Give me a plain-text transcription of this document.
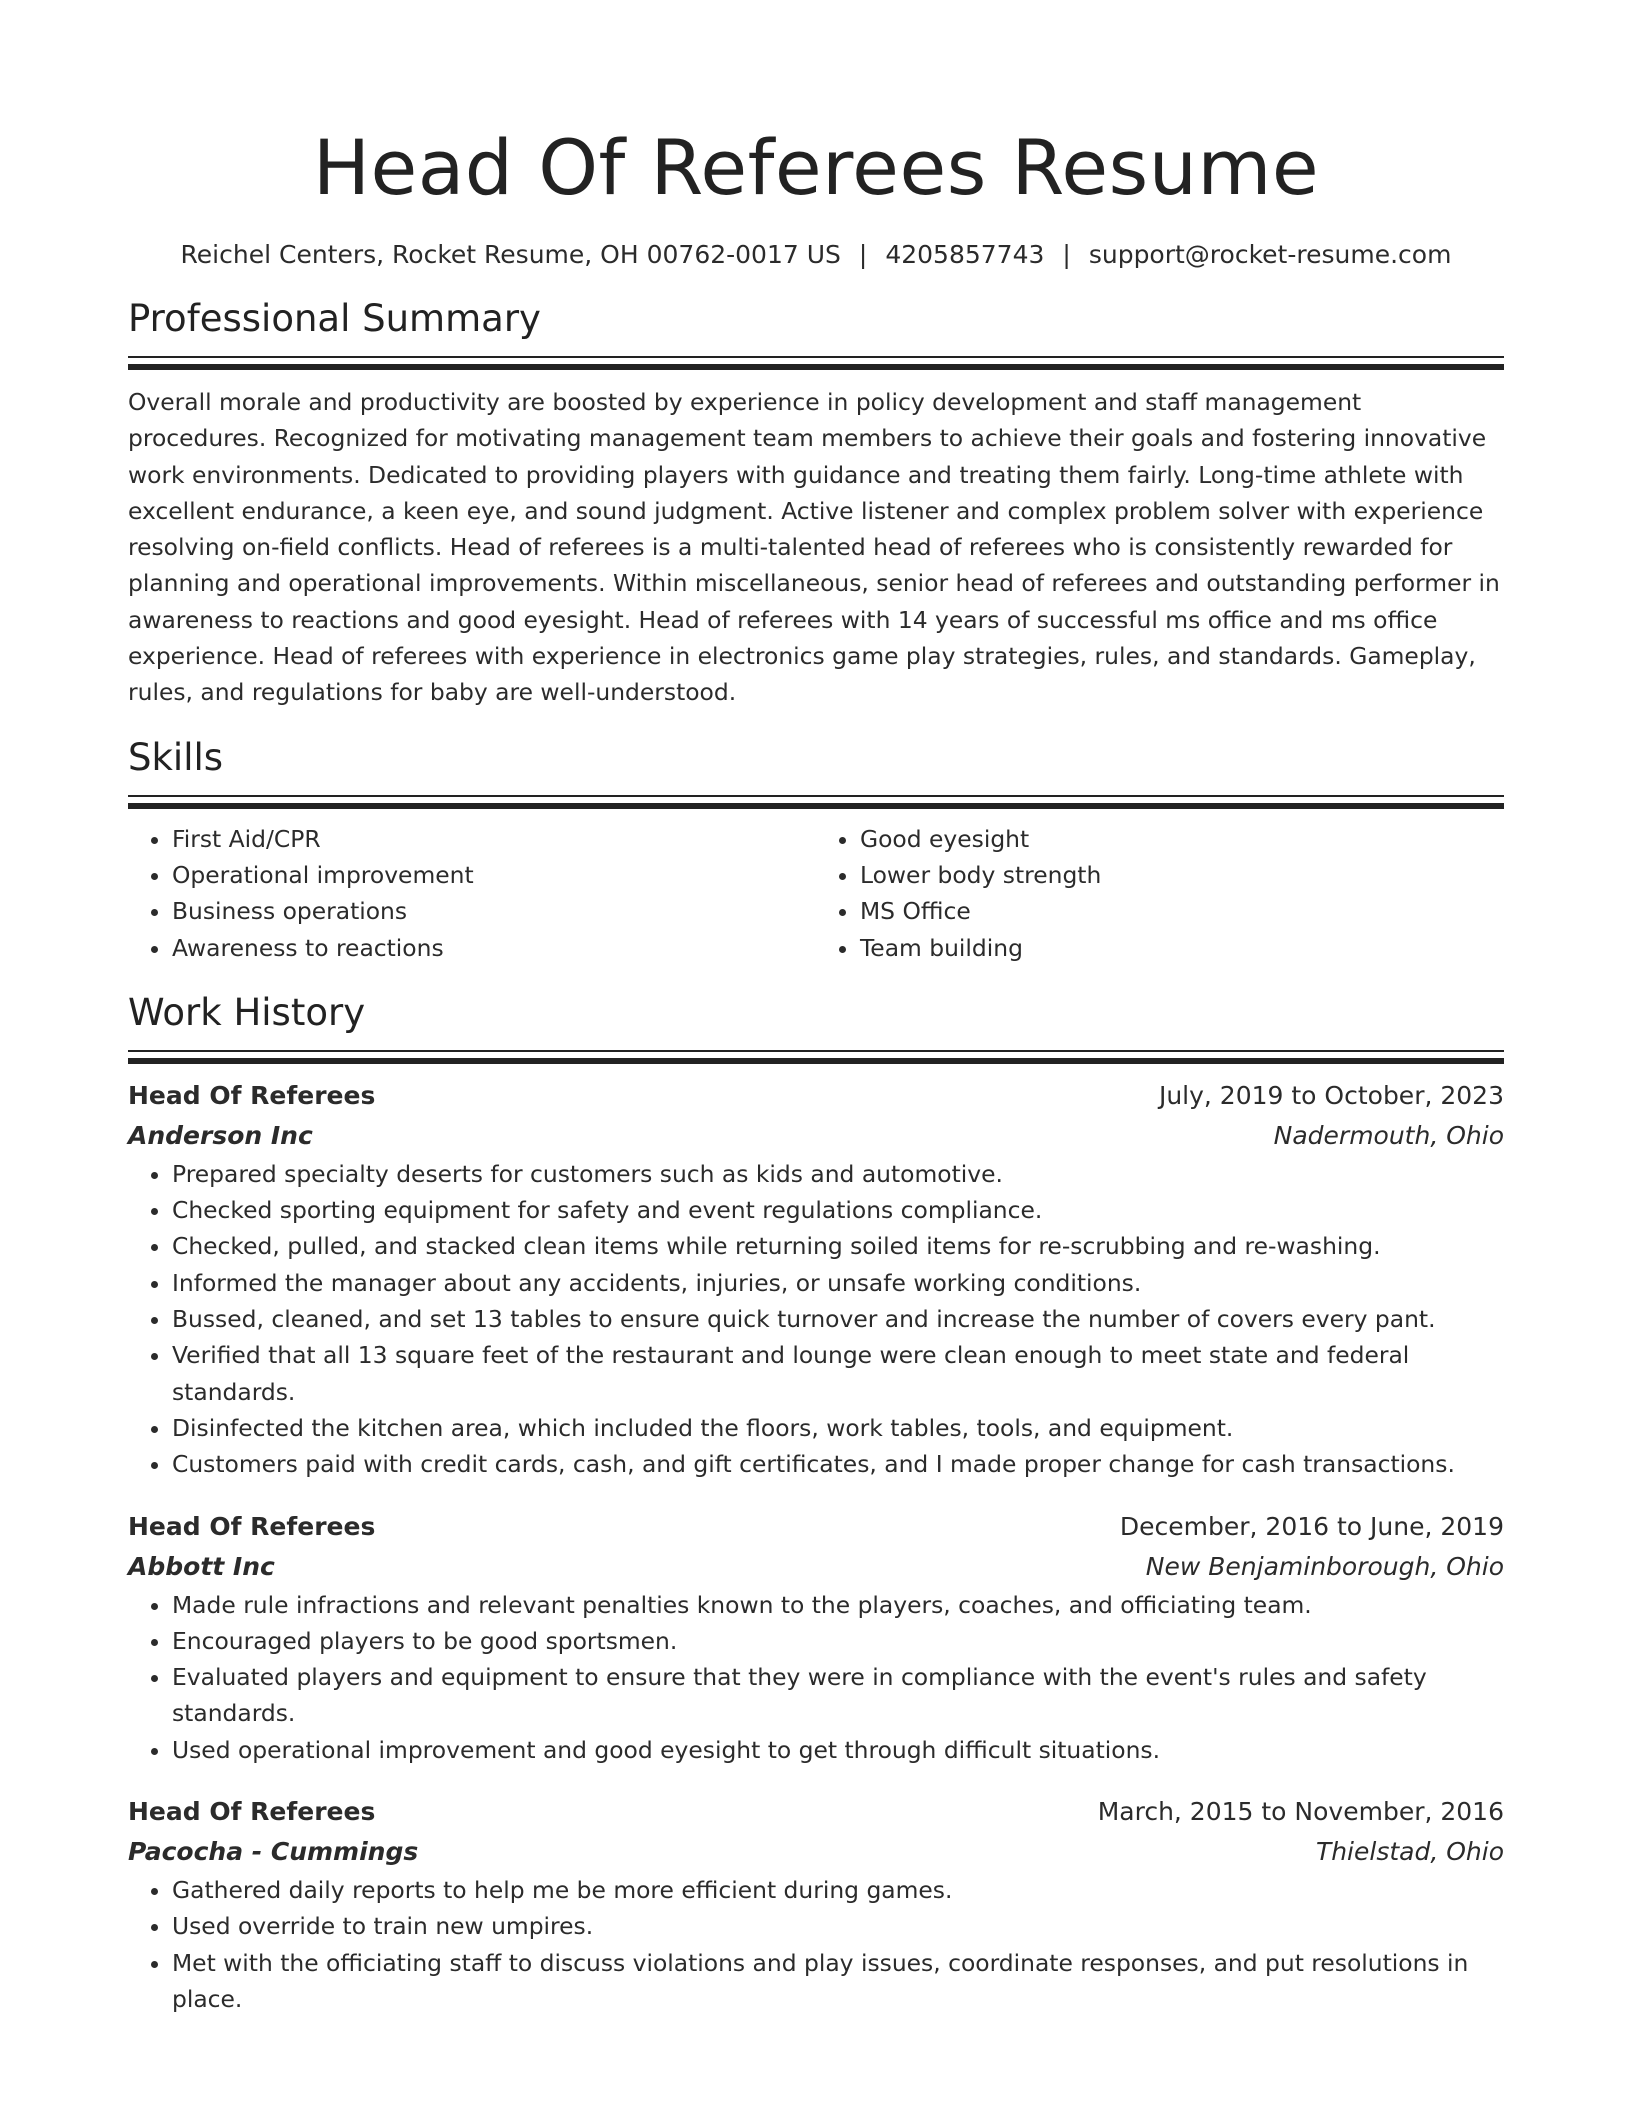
Head Of Referees Resume
Reichel Centers, Rocket Resume, OH 00762-0017 US | 4205857743 | support@rocket-resume.com
Professional Summary
Overall morale and productivity are boosted by experience in policy development and staff management procedures. Recognized for motivating management team members to achieve their goals and fostering innovative work environments. Dedicated to providing players with guidance and treating them fairly. Long-time athlete with excellent endurance, a keen eye, and sound judgment. Active listener and complex problem solver with experience resolving on-field conflicts. Head of referees is a multi-talented head of referees who is consistently rewarded for planning and operational improvements. Within miscellaneous, senior head of referees and outstanding performer in awareness to reactions and good eyesight. Head of referees with 14 years of successful ms office and ms office experience. Head of referees with experience in electronics game play strategies, rules, and standards. Gameplay, rules, and regulations for baby are well-understood.
Skills
• First Aid/CPR
• Operational improvement
• Business operations
• Awareness to reactions
• Good eyesight
• Lower body strength
• MS Office
• Team building
Work History
Head Of Referees	July, 2019 to October, 2023
Anderson Inc	Nadermouth, Ohio
• Prepared specialty deserts for customers such as kids and automotive.
• Checked sporting equipment for safety and event regulations compliance.
• Checked, pulled, and stacked clean items while returning soiled items for re-scrubbing and re-washing.
• Informed the manager about any accidents, injuries, or unsafe working conditions.
• Bussed, cleaned, and set 13 tables to ensure quick turnover and increase the number of covers every pant.
• Verified that all 13 square feet of the restaurant and lounge were clean enough to meet state and federal standards.
• Disinfected the kitchen area, which included the floors, work tables, tools, and equipment.
• Customers paid with credit cards, cash, and gift certificates, and I made proper change for cash transactions.
Head Of Referees	December, 2016 to June, 2019
Abbott Inc	New Benjaminborough, Ohio
• Made rule infractions and relevant penalties known to the players, coaches, and officiating team.
• Encouraged players to be good sportsmen.
• Evaluated players and equipment to ensure that they were in compliance with the event's rules and safety standards.
• Used operational improvement and good eyesight to get through difficult situations.
Head Of Referees	March, 2015 to November, 2016
Pacocha - Cummings	Thielstad, Ohio
• Gathered daily reports to help me be more efficient during games.
• Used override to train new umpires.
• Met with the officiating staff to discuss violations and play issues, coordinate responses, and put resolutions in place.
